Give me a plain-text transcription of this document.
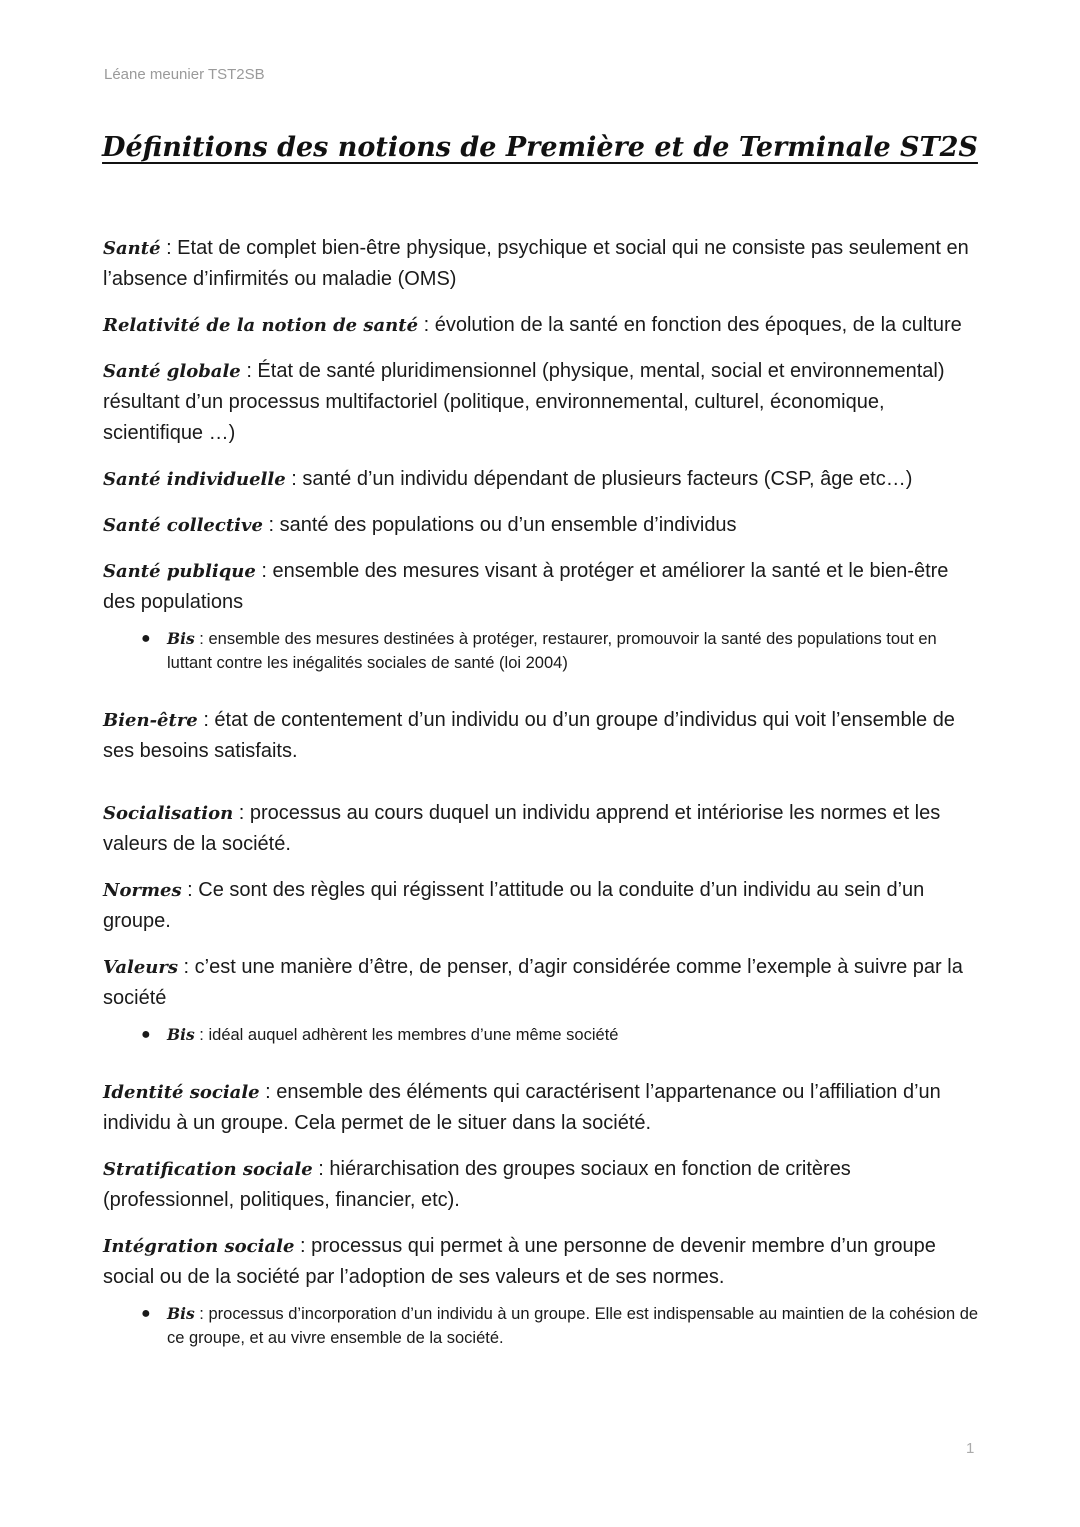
Léane meunier TST2SB
Définitions des notions de Première et de Terminale ST2S

Santé : Etat de complet bien-être physique, psychique et social qui ne consiste pas seulement en l’absence d’infirmités ou maladie (OMS)

Relativité de la notion de santé : évolution de la santé en fonction des époques, de la culture

Santé globale : État de santé pluridimensionnel (physique, mental, social et environnemental) résultant d’un processus multifactoriel (politique, environnemental, culturel, économique, scientifique …)

Santé individuelle : santé d’un individu dépendant de plusieurs facteurs (CSP, âge etc…)

Santé collective : santé des populations ou d’un ensemble d’individus

Santé publique : ensemble des mesures visant à protéger et améliorer la santé et le bien-être des populations

● Bis : ensemble des mesures destinées à protéger, restaurer, promouvoir la santé des populations tout en luttant contre les inégalités sociales de santé (loi 2004)

Bien-être : état de contentement d’un individu ou d’un groupe d’individus qui voit l’ensemble de ses besoins satisfaits.

Socialisation : processus au cours duquel un individu apprend et intériorise les normes et les valeurs de la société.

Normes : Ce sont des règles qui régissent l’attitude ou la conduite d’un individu au sein d’un groupe.

Valeurs : c’est une manière d’être, de penser, d’agir considérée comme l’exemple à suivre par la société

● Bis : idéal auquel adhèrent les membres d’une même société

Identité sociale : ensemble des éléments qui caractérisent l’appartenance ou l’affiliation d’un individu à un groupe. Cela permet de le situer dans la société.

Stratification sociale : hiérarchisation des groupes sociaux en fonction de critères (professionnel, politiques, financier, etc).

Intégration sociale : processus qui permet à une personne de devenir membre d’un groupe social ou de la société par l’adoption de ses valeurs et de ses normes.

● Bis : processus d’incorporation d’un individu à un groupe. Elle est indispensable au maintien de la cohésion de ce groupe, et au vivre ensemble de la société.

1
